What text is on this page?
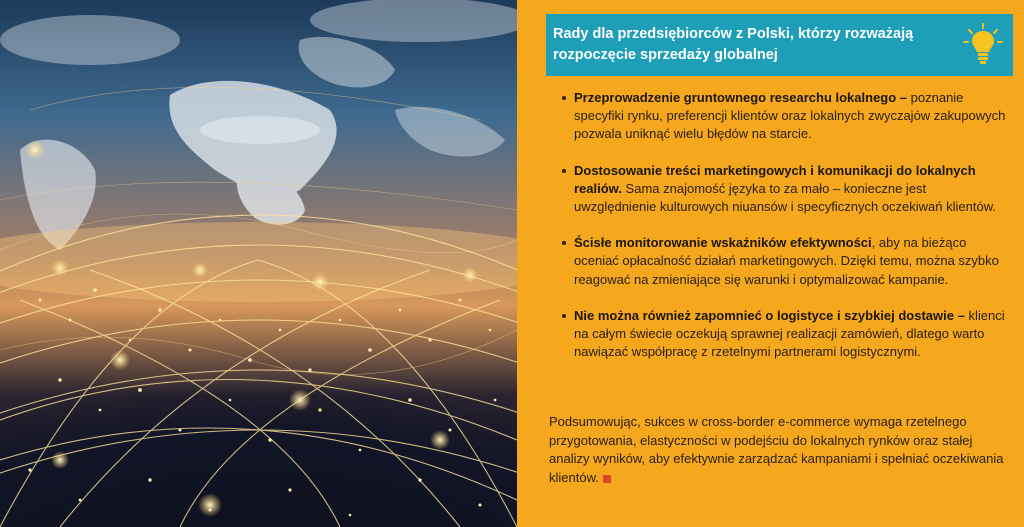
Rady dla przedsiębiorców z Polski, którzy rozważają rozpoczęcie sprzedaży globalnej

Przeprowadzenie gruntownego researchu lokalnego – poznanie specyfiki rynku, preferencji klientów oraz lokalnych zwyczajów zakupowych pozwala uniknąć wielu błędów na starcie.
Dostosowanie treści marketingowych i komunikacji do lokalnych realiów. Sama znajomość języka to za mało – konieczne jest uwzględnienie kulturowych niuansów i specyficznych oczekiwań klientów.
Ścisłe monitorowanie wskaźników efektywności, aby na bieżąco oceniać opłacalność działań marketingowych. Dzięki temu, można szybko reagować na zmieniające się warunki i optymalizować kampanie.
Nie można również zapomnieć o logistyce i szybkiej dostawie – klienci na całym świecie oczekują sprawnej realizacji zamówień, dlatego warto nawiązać współpracę z rzetelnymi partnerami logistycznymi.

Podsumowując, sukces w cross-border e-commerce wymaga rzetelnego przygotowania, elastyczności w podejściu do lokalnych rynków oraz stałej analizy wyników, aby efektywnie zarządzać kampaniami i spełniać oczekiwania klientów.
